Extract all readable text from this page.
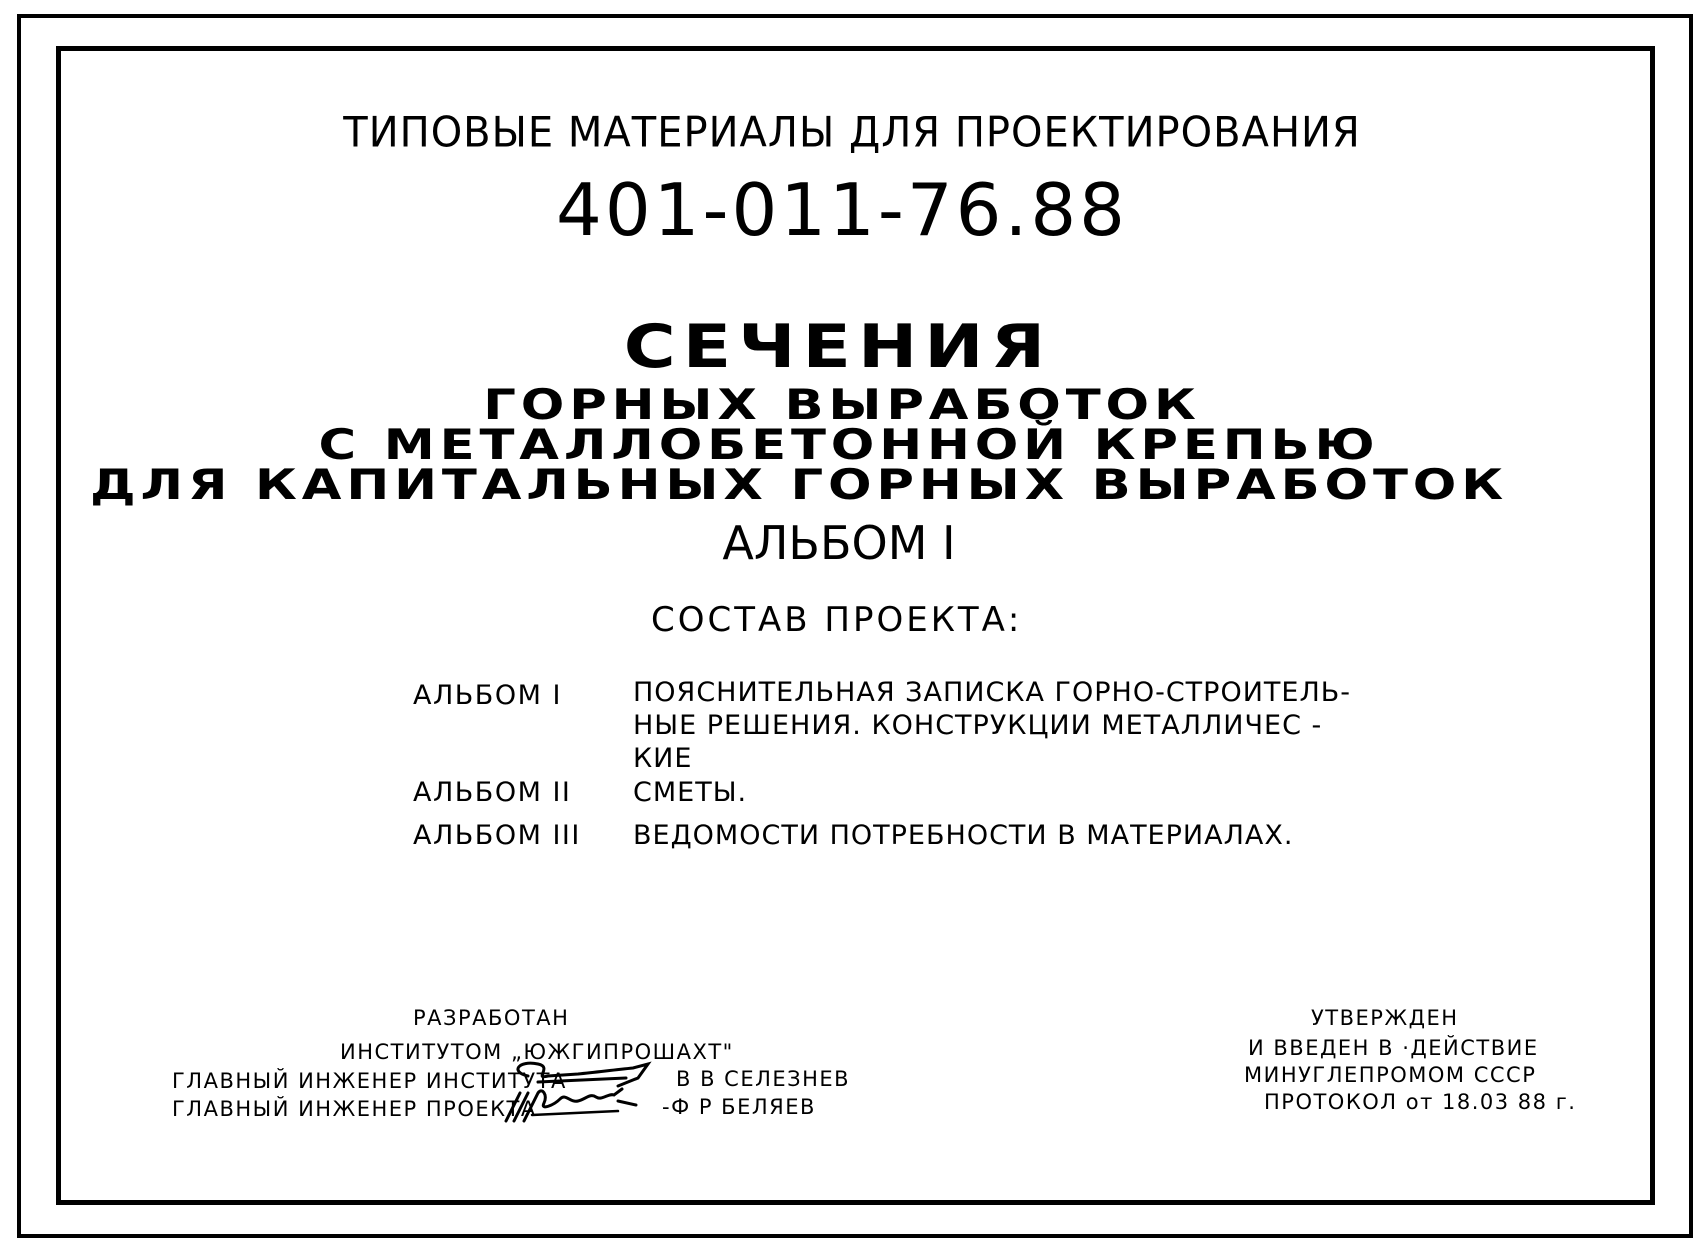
ТИПОВЫЕ МАТЕРИАЛЫ ДЛЯ ПРОЕКТИРОВАНИЯ
401-011-76.88
СЕЧЕНИЯ
ГОРНЫХ ВЫРАБОТОК
С МЕТАЛЛОБЕТОННОЙ КРЕПЬЮ
ДЛЯ КАПИТАЛЬНЫХ ГОРНЫХ ВЫРАБОТОК
АЛЬБОМ I
СОСТАВ ПРОЕКТА:
АЛЬБОМ I	ПОЯСНИТЕЛЬНАЯ ЗАПИСКА ГОРНО-СТРОИТЕЛЬ-
НЫЕ РЕШЕНИЯ. КОНСТРУКЦИИ МЕТАЛЛИЧЕС -
КИЕ
АЛЬБОМ II СМЕТЫ.
АЛЬБОМ III ВЕДОМОСТИ ПОТРЕБНОСТИ В МАТЕРИАЛАХ.
РАЗРАБОТАН
ИНСТИТУТОМ „ЮЖГИПРОШАХТ"
ГЛАВНЫЙ ИНЖЕНЕР ИНСТИТУТА	В В СЕЛЕЗНЕВ
ГЛАВНЫЙ ИНЖЕНЕР ПРОЕКТА	-Ф Р БЕЛЯЕВ
УТВЕРЖДЕН
И ВВЕДЕН В ·ДЕЙСТВИЕ
МИНУГЛЕПРОМОМ СССР
ПРОТОКОЛ от 18.03 88 г.
